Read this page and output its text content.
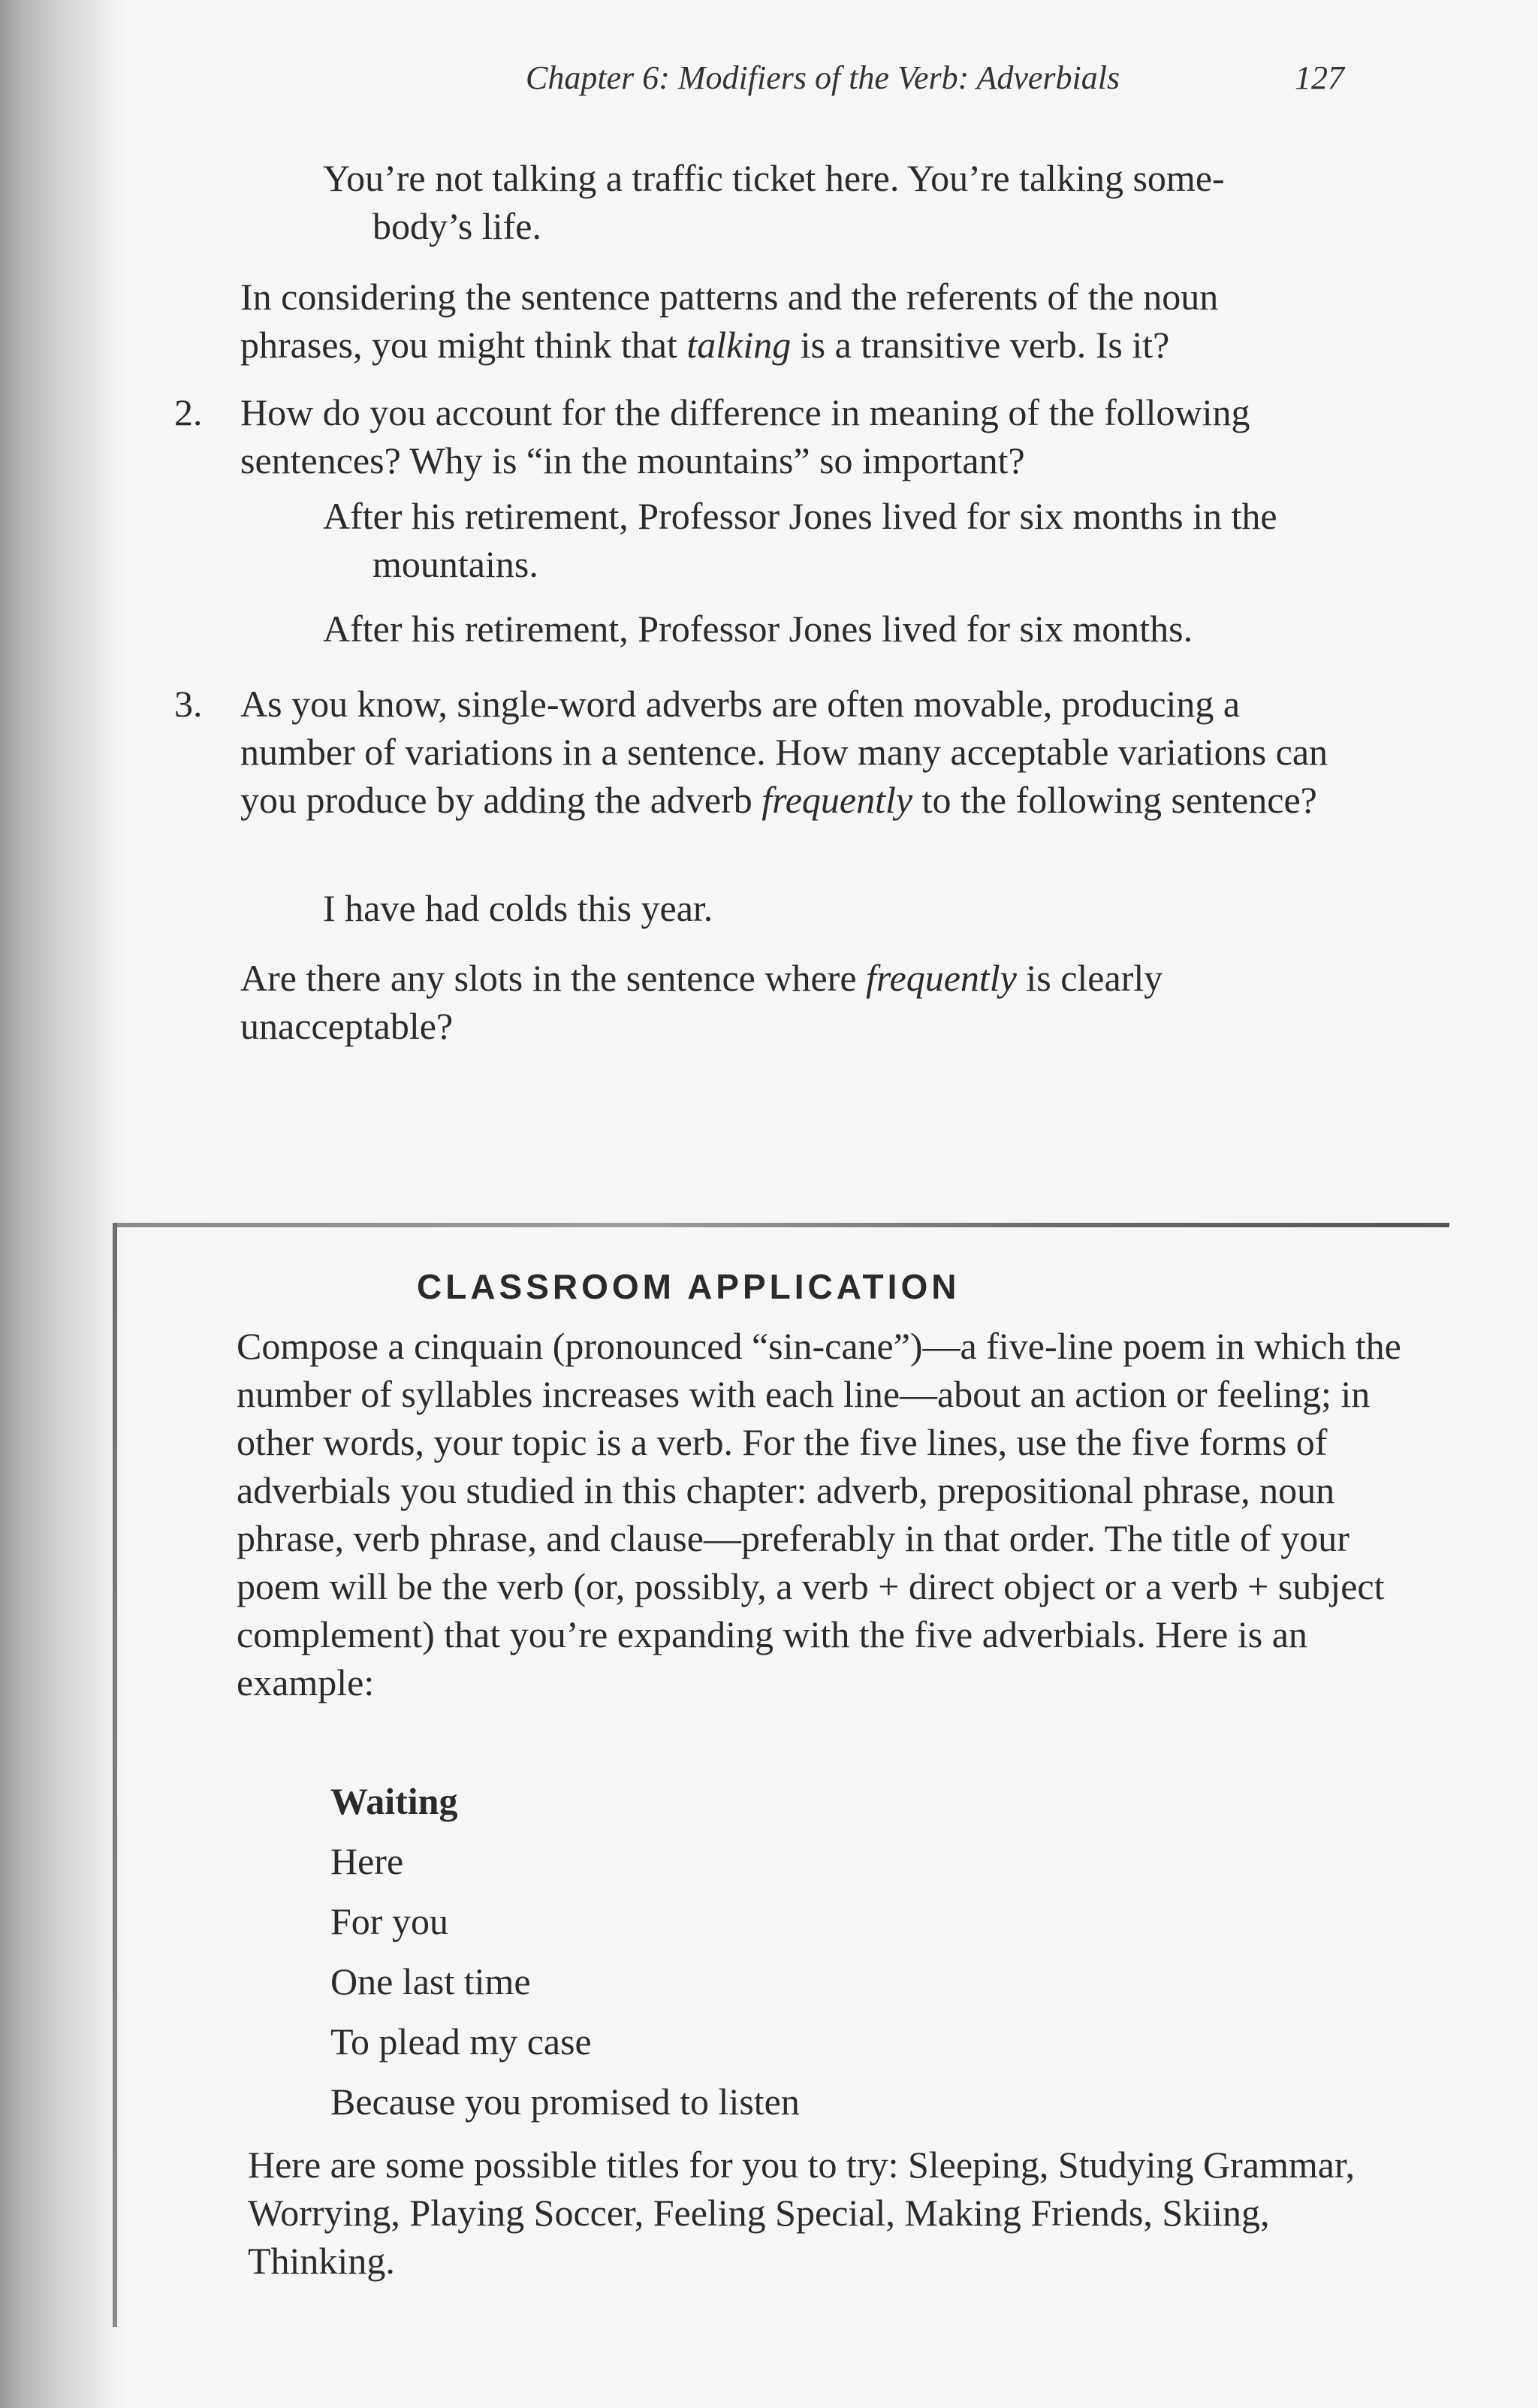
Chapter 6: Modifiers of the Verb: Adverbials	127
You’re not talking a traffic ticket here. You’re talking some-
body’s life.
In considering the sentence patterns and the referents of the noun phrases, you might think that talking is a transitive verb. Is it?
2. How do you account for the difference in meaning of the following sentences? Why is “in the mountains” so important?
After his retirement, Professor Jones lived for six months in the mountains.
After his retirement, Professor Jones lived for six months.
3. As you know, single-word adverbs are often movable, producing a number of variations in a sentence. How many acceptable variations can you produce by adding the adverb frequently to the following sentence?
I have had colds this year.
Are there any slots in the sentence where frequently is clearly unacceptable?
CLASSROOM APPLICATION
Compose a cinquain (pronounced “sin-cane”)—a five-line poem in which the number of syllables increases with each line—about an action or feeling; in other words, your topic is a verb. For the five lines, use the five forms of adverbials you studied in this chapter: adverb, prepositional phrase, noun phrase, verb phrase, and clause—preferably in that order. The title of your poem will be the verb (or, possibly, a verb + direct object or a verb + subject complement) that you’re expanding with the five adverbials. Here is an example:
Waiting
Here
For you
One last time
To plead my case
Because you promised to listen
Here are some possible titles for you to try: Sleeping, Studying Grammar, Worrying, Playing Soccer, Feeling Special, Making Friends, Skiing, Thinking.
